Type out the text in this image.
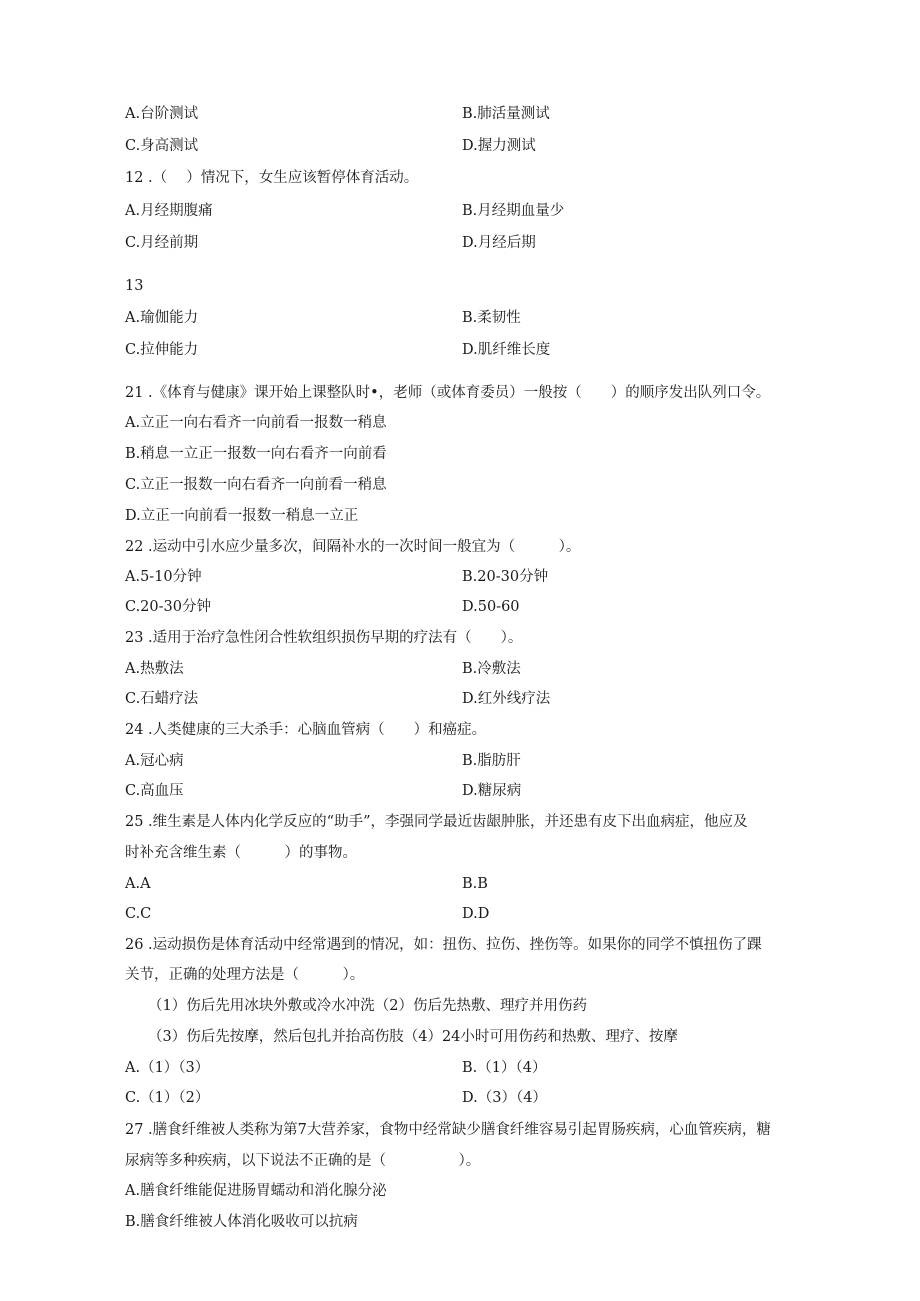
A.台阶测试	B.肺活量测试
C.身高测试	D.握力测试
12 .（　 ）情况下，女生应该暂停体育活动。
A.月经期腹痛	B.月经期血量少
C.月经前期	D.月经后期
13
A.瑜伽能力	B.柔韧性
C.拉伸能力	D.肌纤维长度
21 .《体育与健康》课开始上课整队时•，老师（或体育委员）一般按（　　）的顺序发出队列口令。
A.立正一向右看齐一向前看一报数一稍息
B.稍息一立正一报数一向右看齐一向前看
C.立正一报数一向右看齐一向前看一稍息
D.立正一向前看一报数一稍息一立正
22 .运动中引水应少量多次，间隔补水的一次时间一般宜为（　　　）。
A.5-10分钟	B.20-30分钟
C.20-30分钟	D.50-60
23 .适用于治疗急性闭合性软组织损伤早期的疗法有（　　）。
A.热敷法	B.冷敷法
C.石蜡疗法	D.红外线疗法
24 .人类健康的三大杀手：心脑血管病（　　）和癌症。
A.冠心病	B.脂肪肝
C.高血压	D.糖尿病
25 .维生素是人体内化学反应的“助手”，李强同学最近齿龈肿胀，并还患有皮下出血病症，他应及
时补充含维生素（　　　）的事物。
A.A	B.B
C.C	D.D
26 .运动损伤是体育活动中经常遇到的情况，如：扭伤、拉伤、挫伤等。如果你的同学不慎扭伤了踝
关节，正确的处理方法是（　　　）。
（1）伤后先用冰块外敷或冷水冲洗（2）伤后先热敷、理疗并用伤药
（3）伤后先按摩，然后包扎并抬高伤肢（4）24小时可用伤药和热敷、理疗、按摩
A.（1）（3）	B.（1）（4）
C.（1）（2）	D.（3）（4）
27 .膳食纤维被人类称为第7大营养家，食物中经常缺少膳食纤维容易引起胃肠疾病，心血管疾病，糖
尿病等多种疾病，以下说法不正确的是（　　　　　）。
A.膳食纤维能促进肠胃蠕动和消化腺分泌
B.膳食纤维被人体消化吸收可以抗病
